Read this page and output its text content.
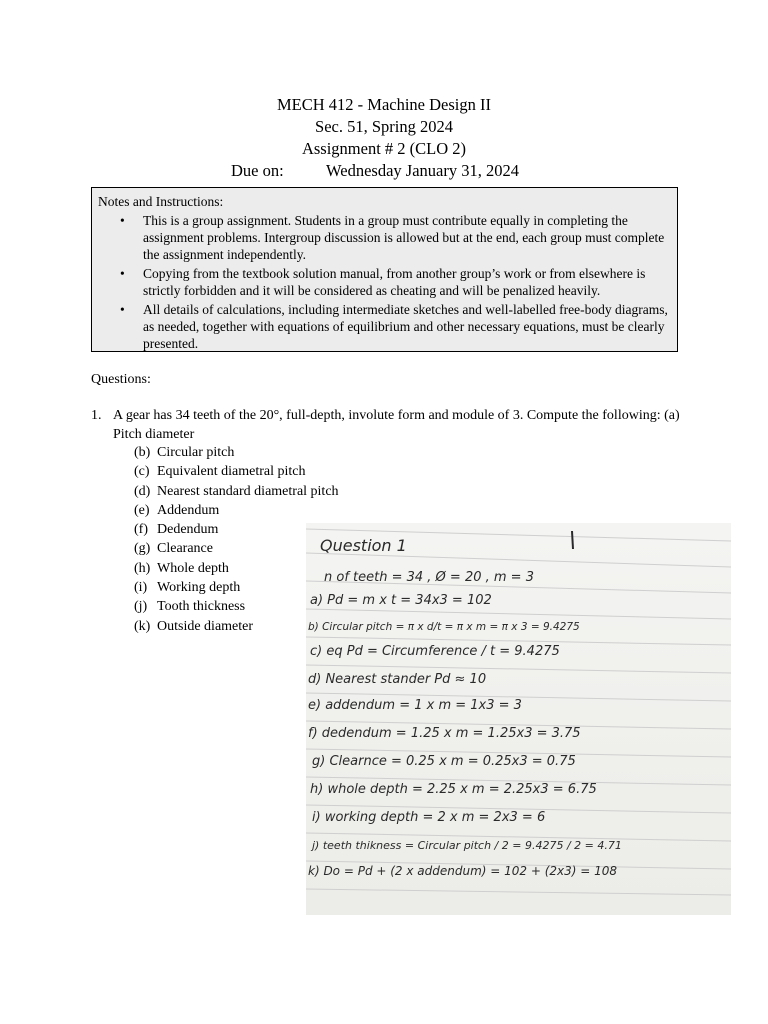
MECH 412 - Machine Design II
Sec. 51, Spring 2024
Assignment # 2 (CLO 2)
Due on:	Wednesday January 31, 2024
Notes and Instructions:
• This is a group assignment. Students in a group must contribute equally in completing the assignment problems. Intergroup discussion is allowed but at the end, each group must complete the assignment independently.
• Copying from the textbook solution manual, from another group’s work or from elsewhere is strictly forbidden and it will be considered as cheating and will be penalized heavily.
• All details of calculations, including intermediate sketches and well-labelled free-body diagrams, as needed, together with equations of equilibrium and other necessary equations, must be clearly presented.
Questions:
1. A gear has 34 teeth of the 20°, full-depth, involute form and module of 3. Compute the following: (a) Pitch diameter
(b) Circular pitch
(c) Equivalent diametral pitch
(d) Nearest standard diametral pitch
(e) Addendum
(f) Dedendum
(g) Clearance
(h) Whole depth
(i) Working depth
(j) Tooth thickness
(k) Outside diameter
Question 1
n of teeth = 34 , Ø = 20 , m = 3
a) Pd = m x t = 34x3 = 102
b) Circular pitch = π x d/t = π x m = π x 3 = 9.4275
c) eq Pd = Circumference / t = 9.4275
d) Nearest stander Pd ≈ 10
e) addendum = 1 x m = 1x3 = 3
f) dedendum = 1.25 x m = 1.25x3 = 3.75
g) Clearnce = 0.25 x m = 0.25x3 = 0.75
h) whole depth = 2.25 x m = 2.25x3 = 6.75
i) working depth = 2 x m = 2x3 = 6
j) teeth thikness = Circular pitch / 2 = 9.4275 / 2 = 4.71
k) Do = Pd + (2 x addendum) = 102 + (2x3) = 108
